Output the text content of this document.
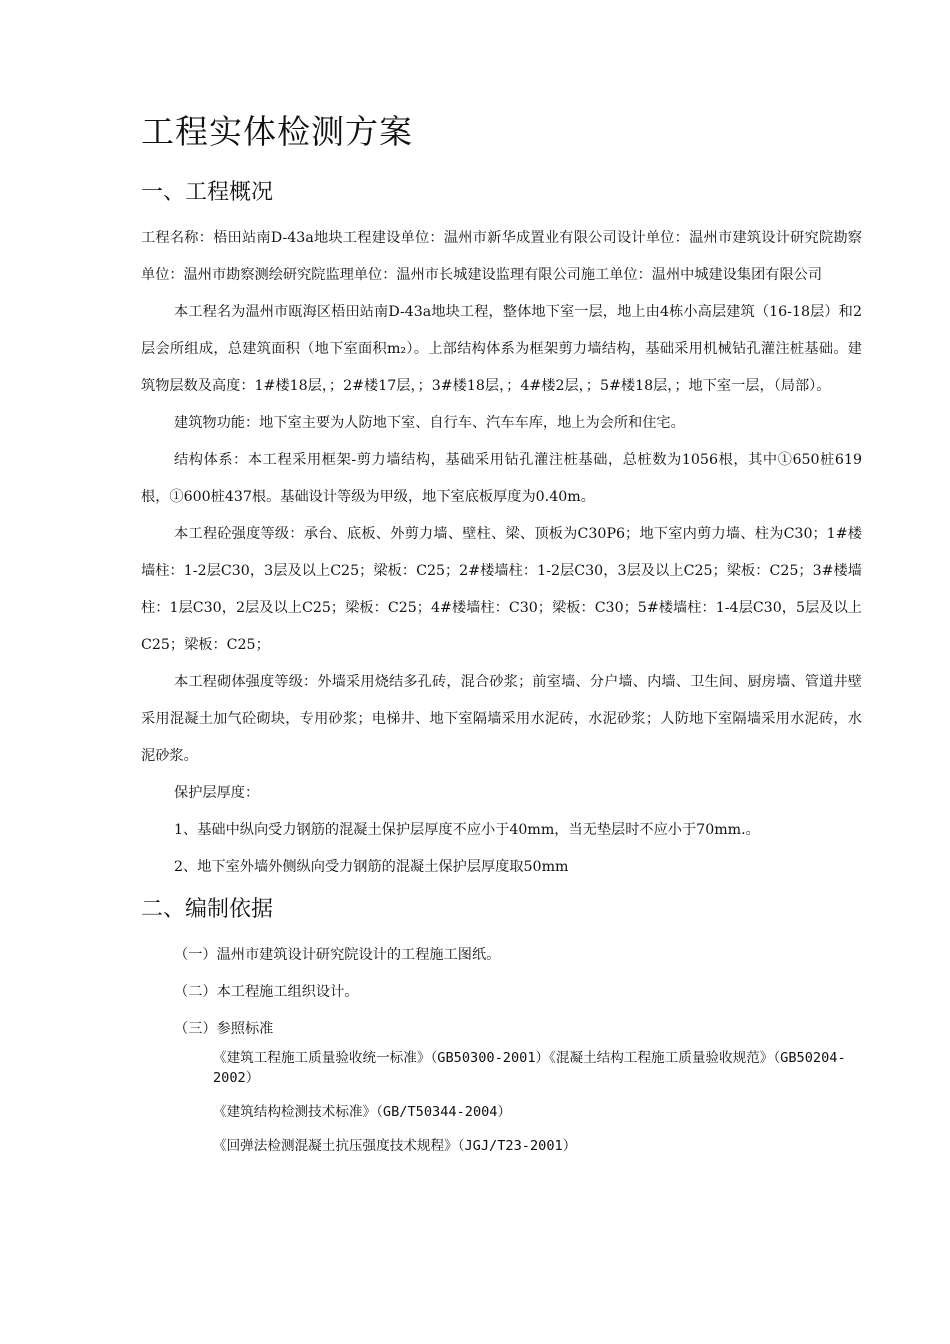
工程实体检测方案
一、工程概况

工程名称：梧田站南D-43a地块工程建设单位：温州市新华成置业有限公司设计单位：温州市建筑设计研究院勘察单位：温州市勘察测绘研究院监理单位：温州市长城建设监理有限公司施工单位：温州中城建设集团有限公司

本工程名为温州市瓯海区梧田站南D-43a地块工程，整体地下室一层，地上由4栋小高层建筑（16-18层）和2层会所组成，总建筑面积（地下室面积m₂）。上部结构体系为框架剪力墙结构，基础采用机械钻孔灌注桩基础。建筑物层数及高度：1#楼18层，；2#楼17层，；3#楼18层，；4#楼2层，；5#楼18层，；地下室一层，（局部）。

建筑物功能：地下室主要为人防地下室、自行车、汽车车库，地上为会所和住宅。

结构体系：本工程采用框架-剪力墙结构，基础采用钻孔灌注桩基础，总桩数为1056根，其中①650桩619根，①600桩437根。基础设计等级为甲级，地下室底板厚度为0.40m。

本工程砼强度等级：承台、底板、外剪力墙、壁柱、梁、顶板为C30P6；地下室内剪力墙、柱为C30；1#楼墙柱：1-2层C30，3层及以上C25；梁板：C25；2#楼墙柱：1-2层C30，3层及以上C25；梁板：C25；3#楼墙柱：1层C30，2层及以上C25；梁板：C25；4#楼墙柱：C30；梁板：C30；5#楼墙柱：1-4层C30，5层及以上C25；梁板：C25；

本工程砌体强度等级：外墙采用烧结多孔砖，混合砂浆；前室墙、分户墙、内墙、卫生间、厨房墙、管道井壁采用混凝土加气砼砌块，专用砂浆；电梯井、地下室隔墙采用水泥砖，水泥砂浆；人防地下室隔墙采用水泥砖，水泥砂浆。

保护层厚度：

1、基础中纵向受力钢筋的混凝土保护层厚度不应小于40mm，当无垫层时不应小于70mm.。

2、地下室外墙外侧纵向受力钢筋的混凝土保护层厚度取50mm

二、编制依据

（一）温州市建筑设计研究院设计的工程施工图纸。

（二）本工程施工组织设计。

（三）参照标准

《建筑工程施工质量验收统一标准》（GB50300-2001）《混凝土结构工程施工质量验收规范》（GB50204-2002）

《建筑结构检测技术标准》（GB/T50344-2004）

《回弹法检测混凝土抗压强度技术规程》（JGJ/T23-2001）
